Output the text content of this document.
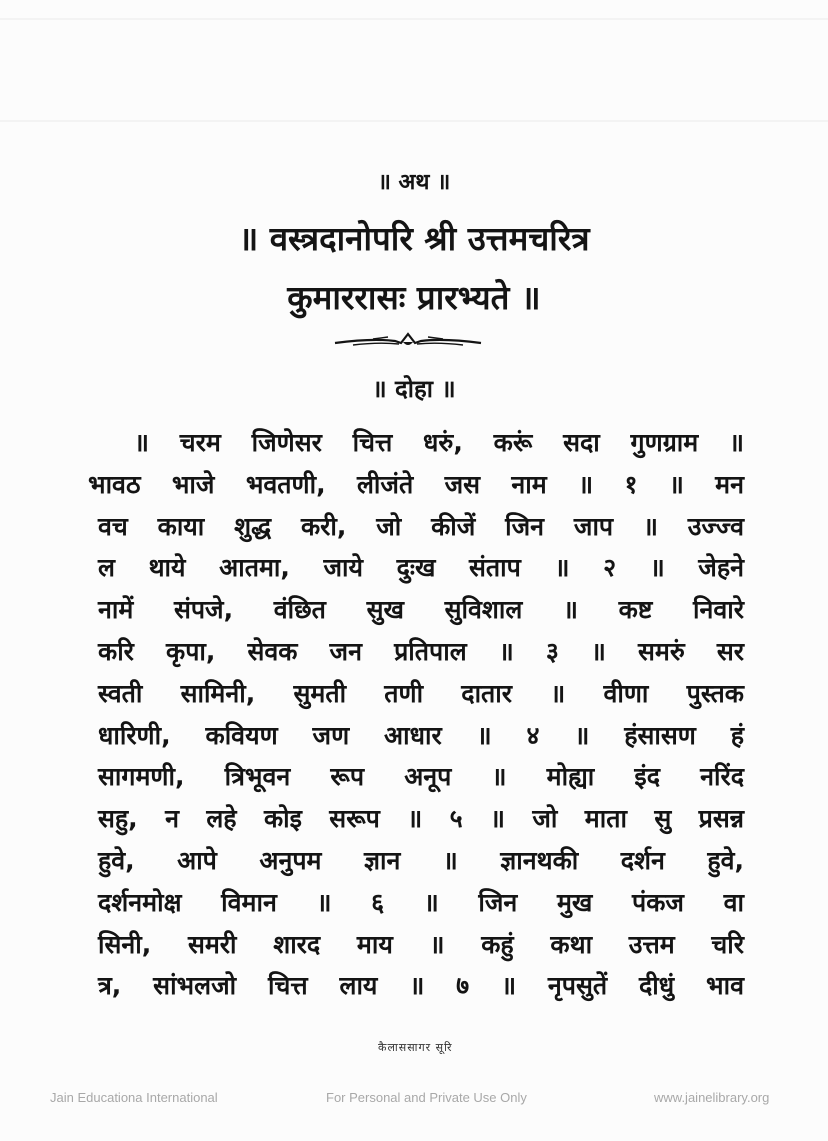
॥ अथ ॥
॥ वस्त्रदानोपरि श्री उत्तमचरित्र
कुमाररासः प्रारभ्यते ॥
॥ दोहा ॥
॥ चरम जिणेसर चित्त धरुं, करूं सदा गुणग्राम ॥
भावठ भाजे भवतणी, लीजंते जस नाम ॥ १ ॥ मन
वच काया शुद्ध करी, जो कीजें जिन जाप ॥ उज्ज्व
ल थाये आतमा, जाये दुःख संताप ॥ २ ॥ जेहने
नामें संपजे, वंछित सुख सुविशाल ॥ कष्ट निवारे
करि कृपा, सेवक जन प्रतिपाल ॥ ३ ॥ समरुं सर
स्वती सामिनी, सुमती तणी दातार ॥ वीणा पुस्तक
धारिणी, कवियण जण आधार ॥ ४ ॥ हंसासण हं
सागमणी, त्रिभूवन रूप अनूप ॥ मोह्या इंद नरिंद
सहु, न लहे कोइ सरूप ॥ ५ ॥ जो माता सु प्रसन्न
हुवे, आपे अनुपम ज्ञान ॥ ज्ञानथकी दर्शन हुवे,
दर्शनमोक्ष विमान ॥ ६ ॥ जिन मुख पंकज वा
सिनी, समरी शारद माय ॥ कहुं कथा उत्तम चरि
त्र, सांभलजो चित्त लाय ॥ ७ ॥ नृपसुतें दीधुं भाव
कैलाससागर सूरि
Jain Educationa International	For Personal and Private Use Only	www.jainelibrary.org
